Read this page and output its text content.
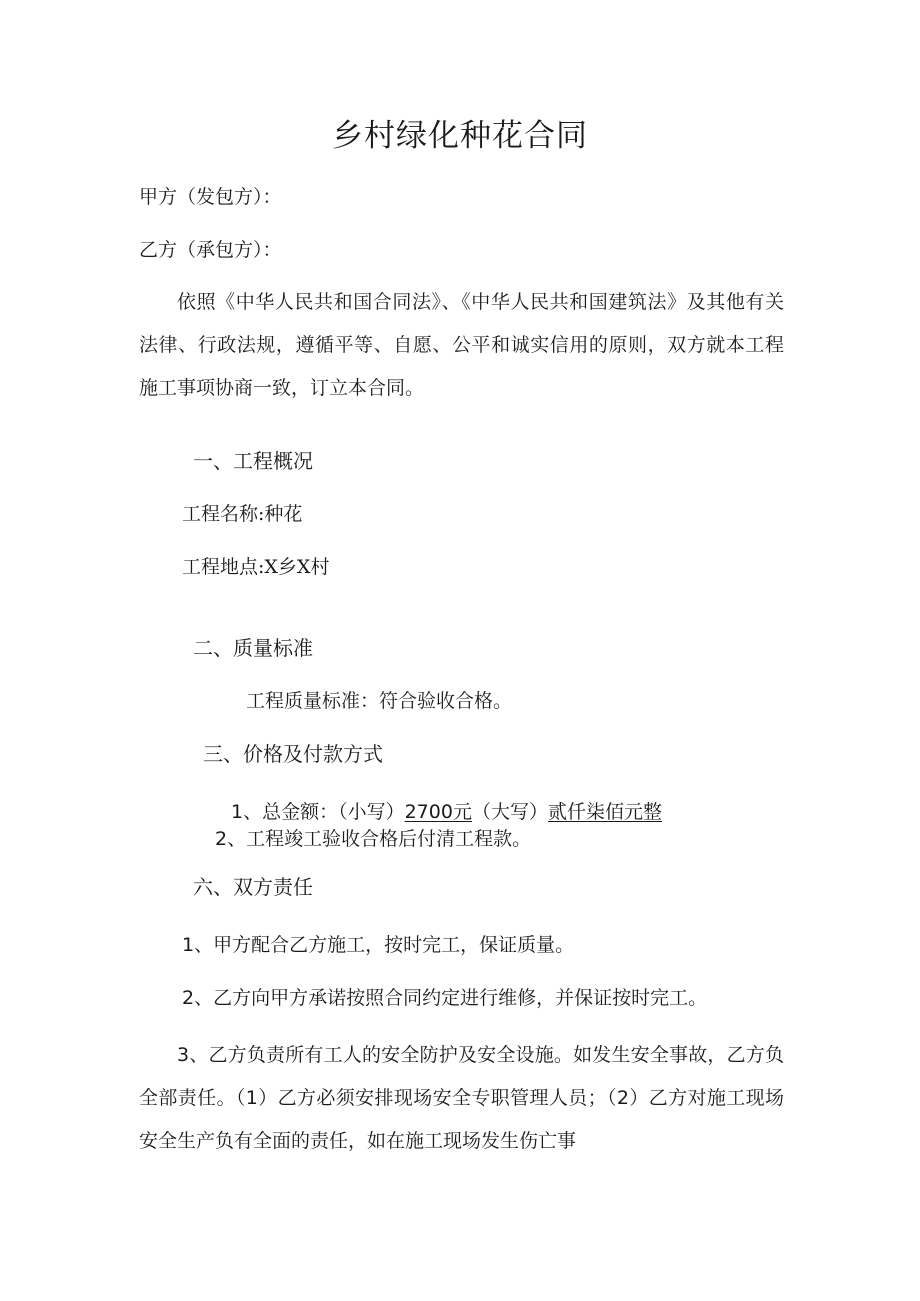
乡村绿化种花合同

甲方（发包方）：

乙方（承包方）：

依照《中华人民共和国合同法》、《中华人民共和国建筑法》及其他有关法律、行政法规，遵循平等、自愿、公平和诚实信用的原则，双方就本工程施工事项协商一致，订立本合同。

一、工程概况

工程名称:种花

工程地点:X乡X村

二、质量标准

工程质量标准：符合验收合格。

三、价格及付款方式

1、总金额：（小写）2700元（大写）贰仟柒佰元整

2、工程竣工验收合格后付清工程款。

六、双方责任

1、甲方配合乙方施工，按时完工，保证质量。

2、乙方向甲方承诺按照合同约定进行维修，并保证按时完工。

3、乙方负责所有工人的安全防护及安全设施。如发生安全事故，乙方负全部责任。（1）乙方必须安排现场安全专职管理人员；（2）乙方对施工现场安全生产负有全面的责任，如在施工现场发生伤亡事
